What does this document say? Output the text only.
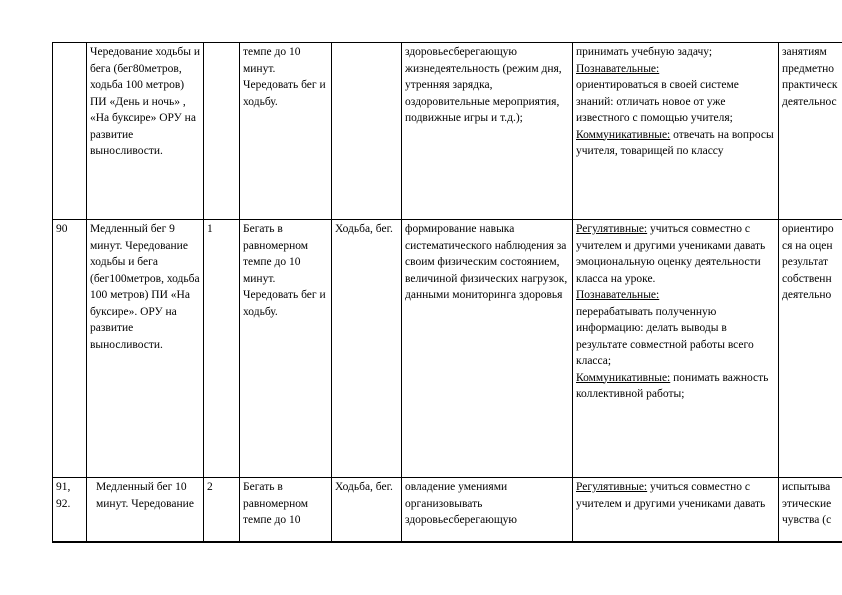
	Чередование ходьбы и бега (бег80метров, ходьба 100 метров) ПИ «День и ночь» , «На буксире» ОРУ на развитие выносливости.		темпе до 10 минут. Чередовать бег и ходьбу.		здоровьесберегающую жизнедеятельность (режим дня, утренняя зарядка, оздоровительные мероприятия, подвижные игры и т.д.);	принимать учебную задачу;
Познавательные:
ориентироваться в своей системе знаний: отличать новое от уже известного с помощью учителя; Коммуникативные: отвечать на вопросы учителя, товарищей по классу	занятиям предметно практическ деятельнос
90	Медленный бег 9 минут. Чередование ходьбы и бега (бег100метров, ходьба 100 метров) ПИ «На буксире». ОРУ на развитие выносливости.	1	Бегать в равномерном темпе до 10 минут. Чередовать бег и ходьбу.	Ходьба, бег.	формирование навыка систематического наблюдения за своим физическим состоянием, величиной физических нагрузок, данными мониторинга здоровья	Регулятивные: учиться совместно с учителем и другими учениками давать эмоциональную оценку деятельности класса на уроке.
Познавательные:
перерабатывать полученную информацию: делать выводы в результате совместной работы всего класса;
Коммуникативные: понимать важность коллективной работы;	ориентиро ся на оцен результат собственн деятельно
91, 92.	Медленный бег 10 минут. Чередование	2	Бегать в равномерном темпе до 10	Ходьба, бег.	овладение умениями организовывать здоровьесберегающую	Регулятивные: учиться совместно с учителем и другими учениками давать	испытыва этические чувства (с
